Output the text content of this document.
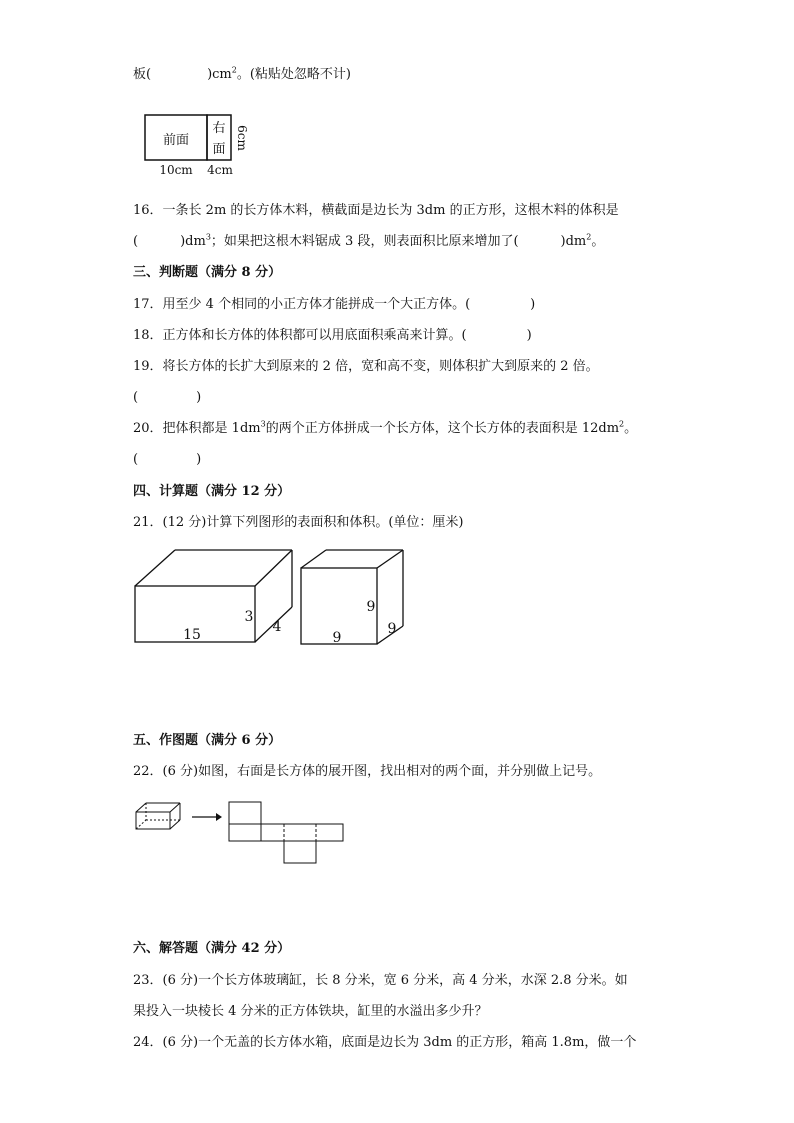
板(	)$cm^2$。(粘贴处忽略不计)
前面
右
面 6cm
10cm 4cm
16．一条长 2m 的长方体木料，横截面是边长为 3dm 的正方形，这根木料的体积是
(	)$dm^3$；如果把这根木料锯成 3 段，则表面积比原来增加了(	)$dm^2$。
三、判断题（满分 8 分）
17．用至少 4 个相同的小正方体才能拼成一个大正方体。(	)
18．正方体和长方体的体积都可以用底面积乘高来计算。(	)
19．将长方体的长扩大到原来的 2 倍，宽和高不变，则体积扩大到原来的 2 倍。
(	)
20．把体积都是 $1dm^3$的两个正方体拼成一个长方体，这个长方体的表面积是 $12dm^2$。
(	)
四、计算题（满分 12 分）
21．(12 分)计算下列图形的表面积和体积。(单位：厘米)
15
3
4
9
9
9
五、作图题（满分 6 分）
22．(6 分)如图，右面是长方体的展开图，找出相对的两个面，并分别做上记号。
六、解答题（满分 42 分）
23．(6 分)一个长方体玻璃缸，长 8 分米，宽 6 分米，高 4 分米，水深 2.8 分米。如
果投入一块棱长 4 分米的正方体铁块，缸里的水溢出多少升？
24．(6 分)一个无盖的长方体水箱，底面是边长为 3dm 的正方形，箱高 1.8m，做一个
